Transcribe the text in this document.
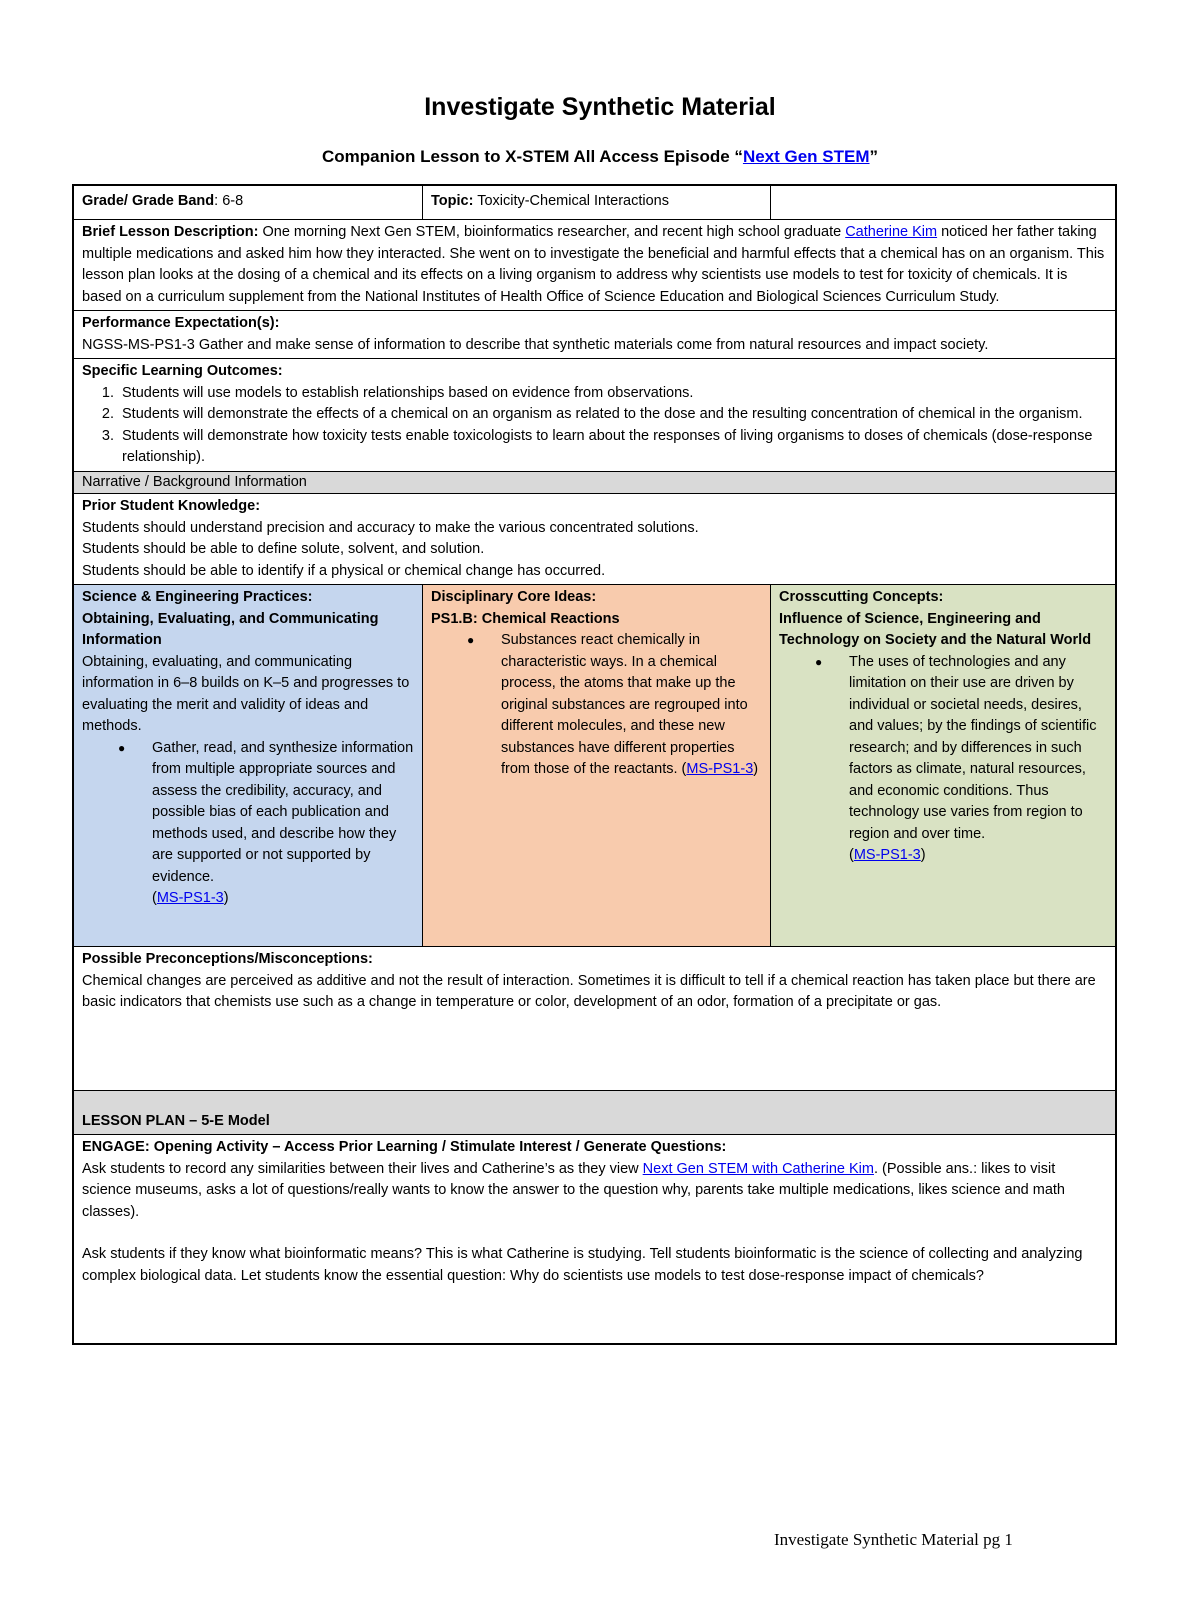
Investigate Synthetic Material
Companion Lesson to X-STEM All Access Episode “Next Gen STEM”
Grade/ Grade Band: 6-8	Topic: Toxicity-Chemical Interactions
Brief Lesson Description: One morning Next Gen STEM, bioinformatics researcher, and recent high school graduate Catherine Kim noticed her father taking multiple medications and asked him how they interacted. She went on to investigate the beneficial and harmful effects that a chemical has on an organism. This lesson plan looks at the dosing of a chemical and its effects on a living organism to address why scientists use models to test for toxicity of chemicals. It is based on a curriculum supplement from the National Institutes of Health Office of Science Education and Biological Sciences Curriculum Study.

Performance Expectation(s):

NGSS-MS-PS1-3 Gather and make sense of information to describe that synthetic materials come from natural resources and impact society.

Specific Learning Outcomes:

1. Students will use models to establish relationships based on evidence from observations.
2. Students will demonstrate the effects of a chemical on an organism as related to the dose and the resulting concentration of chemical in the organism.
3. Students will demonstrate how toxicity tests enable toxicologists to learn about the responses of living organisms to doses of chemicals (dose-response relationship).
Narrative / Background Information

Prior Student Knowledge:

Students should understand precision and accuracy to make the various concentrated solutions.

Students should be able to define solute, solvent, and solution.

Students should be able to identify if a physical or chemical change has occurred.

Science & Engineering Practices:

Obtaining, Evaluating, and Communicating Information

Obtaining, evaluating, and communicating information in 6–8 builds on K–5 and progresses to evaluating the merit and validity of ideas and methods.

● Gather, read, and synthesize information from multiple appropriate sources and assess the credibility, accuracy, and possible bias of each publication and methods used, and describe how they are supported or not supported by evidence.
(MS-PS1-3)

Disciplinary Core Ideas:

PS1.B: Chemical Reactions

● Substances react chemically in characteristic ways. In a chemical process, the atoms that make up the original substances are regrouped into different molecules, and these new substances have different properties from those of the reactants. (MS-PS1-3)

Crosscutting Concepts:

Influence of Science, Engineering and Technology on Society and the Natural World

● The uses of technologies and any limitation on their use are driven by individual or societal needs, desires, and values; by the findings of scientific research; and by differences in such factors as climate, natural resources, and economic conditions. Thus technology use varies from region to region and over time.
(MS-PS1-3)

Possible Preconceptions/Misconceptions:

Chemical changes are perceived as additive and not the result of interaction. Sometimes it is difficult to tell if a chemical reaction has taken place but there are basic indicators that chemists use such as a change in temperature or color, development of an odor, formation of a precipitate or gas.

LESSON PLAN – 5-E Model

ENGAGE: Opening Activity – Access Prior Learning / Stimulate Interest / Generate Questions:

Ask students to record any similarities between their lives and Catherine’s as they view Next Gen STEM with Catherine Kim. (Possible ans.: likes to visit science museums, asks a lot of questions/really wants to know the answer to the question why, parents take multiple medications, likes science and math classes).

Ask students if they know what bioinformatic means? This is what Catherine is studying. Tell students bioinformatic is the science of collecting and analyzing complex biological data. Let students know the essential question: Why do scientists use models to test dose-response impact of chemicals?

Investigate Synthetic Material pg 1
